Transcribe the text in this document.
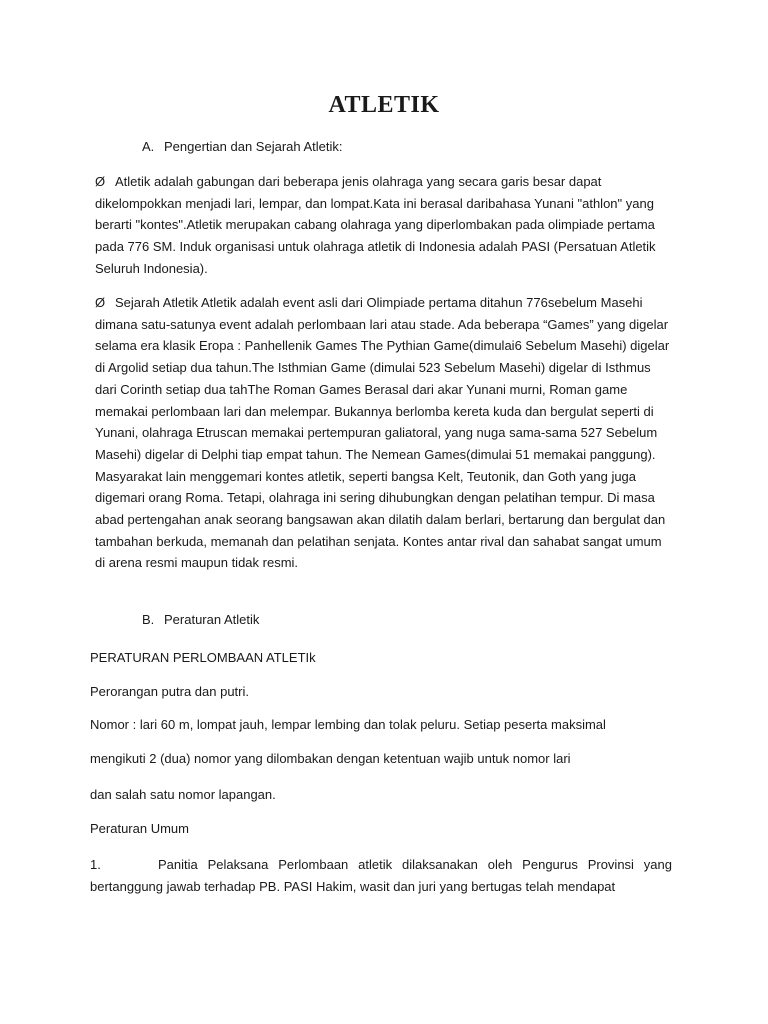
ATLETIK

A. Pengertian dan Sejarah Atletik:

Ø Atletik adalah gabungan dari beberapa jenis olahraga yang secara garis besar dapat dikelompokkan menjadi lari, lempar, dan lompat.Kata ini berasal daribahasa Yunani "athlon" yang berarti "kontes".Atletik merupakan cabang olahraga yang diperlombakan pada olimpiade pertama pada 776 SM. Induk organisasi untuk olahraga atletik di Indonesia adalah PASI (Persatuan Atletik Seluruh Indonesia).

Ø Sejarah Atletik Atletik adalah event asli dari Olimpiade pertama ditahun 776sebelum Masehi dimana satu-satunya event adalah perlombaan lari atau stade. Ada beberapa “Games” yang digelar selama era klasik Eropa : Panhellenik Games The Pythian Game(dimulai6 Sebelum Masehi) digelar di Argolid setiap dua tahun.The Isthmian Game (dimulai 523 Sebelum Masehi) digelar di Isthmus dari Corinth setiap dua tahThe Roman Games Berasal dari akar Yunani murni, Roman game memakai perlombaan lari dan melempar. Bukannya berlomba kereta kuda dan bergulat seperti di Yunani, olahraga Etruscan memakai pertempuran galiatoral, yang nuga sama-sama 527 Sebelum Masehi) digelar di Delphi tiap empat tahun. The Nemean Games(dimulai 51 memakai panggung). Masyarakat lain menggemari kontes atletik, seperti bangsa Kelt, Teutonik, dan Goth yang juga digemari orang Roma. Tetapi, olahraga ini sering dihubungkan dengan pelatihan tempur. Di masa abad pertengahan anak seorang bangsawan akan dilatih dalam berlari, bertarung dan bergulat dan tambahan berkuda, memanah dan pelatihan senjata. Kontes antar rival dan sahabat sangat umum di arena resmi maupun tidak resmi.

B. Peraturan Atletik

PERATURAN PERLOMBAAN ATLETIk

Perorangan putra dan putri.

Nomor : lari 60 m, lompat jauh, lempar lembing dan tolak peluru. Setiap peserta maksimal

mengikuti 2 (dua) nomor yang dilombakan dengan ketentuan wajib untuk nomor lari

dan salah satu nomor lapangan.

Peraturan Umum

1.	Panitia Pelaksana Perlombaan atletik dilaksanakan oleh Pengurus Provinsi yang bertanggung jawab terhadap PB. PASI Hakim, wasit dan juri yang bertugas telah mendapat
